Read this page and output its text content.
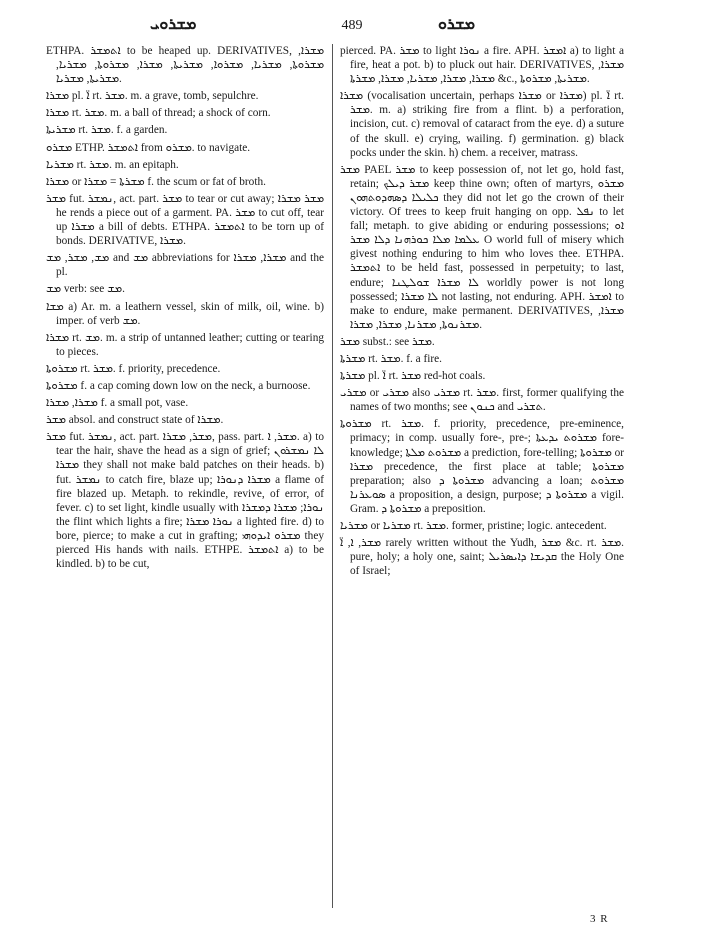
ܡܫܪܘܝ	489	ܡܫܪܘ

ETHPA. ܐܬܡܫܪ to be heaped up. DERIVATIVES, ܡܫܪܐ, ܡܫܪܘܬܐ, ܡܫܪܝܐ, ܡܫܪܘܐ, ܡܫܪܝܬܐ, ܡܫܪܐ, ܡܫܪܘܬܐ, ܡܫܪܝܐ, ܡܫܪܝܬܐ, ܡܫܪܝܐ.

ܡܫܪܐ pl. ܐ̈ rt. ܡܫܪ. m. a grave, tomb, sepulchre.

ܡܫܪܐ rt. ܡܫܪ. m. a ball of thread; a shock of corn.

ܡܫܪܝܬܐ rt. ܡܫܪ. f. a garden.

ܡܫܪܘ ETHP. ܐܬܡܫܪ from ܡܫܪܘ. to navigate.

ܡܫܪܝܐ rt. ܡܫܪ. m. an epitaph.

ܡܫܪܐ or ܡܫܪܬܐ = ܡܫܪܐ f. the scum or fat of broth.

ܡܫܪ fut. ܢܡܫܪ, act. part. ܡܫܪ to tear or cut away; ܡܫܪ ܡܫܪܐ he rends a piece out of a garment. PA. ܡܫܪ to cut off, tear up ܡܫܪܐ a bill of debts. ETHPA. ܐܬܡܫܪ to be torn up of bonds. DERIVATIVE, ܡܫܪܐ.

ܡܫ, ܡܫܪ, ܡܫ and ܡܫ abbreviations for ܡܫܪܐ, ܡܫܪܐ and the pl.

ܡܫ verb: see ܡܫ.

ܡܫܐ a) Ar. m. a leathern vessel, skin of milk, oil, wine. b) imper. of verb ܡܫ.

ܡܫܪܐ rt. ܡܫ. m. a strip of untanned leather; cutting or tearing to pieces.

ܡܫܪܘܬܐ rt. ܡܫܪ. f. priority, precedence.

ܡܫܪܘܬܐ f. a cap coming down low on the neck, a burnoose.

ܡܫܪܐ, ܡܫܪܐ f. a small pot, vase.

ܡܫܪ absol. and construct state of ܡܫܪܐ.

ܡܫܪ fut. ܢܡܫܪ, act. part. ܡܫܪ, ܡܫܪܐ, pass. part. ܡܫܪ, ܐ. a) to tear the hair, shave the head as a sign of grief; ܠܐ ܢܡܫܪܘܢ ܡܫܪܐ they shall not make bald patches on their heads. b) fut. ܢܡܫܪ to catch fire, blaze up; ܡܫܪܐ ܕܢܘܪܐ a flame of fire blazed up. Metaph. to rekindle, revive, of error, of fever. c) to set light, kindle usually with ܢܘܪܐ; ܡܫܪܐ ܕܡܫܪܐ the flint which lights a fire; ܢܘܪܐ ܡܫܪܐ a lighted fire. d) to bore, pierce; to make a cut in grafting; ܡܫܪܘ ܐܝܕܘܗܝ they pierced His hands with nails. ETHPE. ܐܬܡܫܪ a) to be kindled. b) to be cut,

pierced. PA. ܡܫܪ to light ܢܘܪܐ a fire. APH. ܐܡܫܪ a) to light a fire, heat a pot. b) to pluck out hair. DERIVATIVES, ܡܫܪܐ, ܡܫܪܐ, ܡܫܪܐ, ܡܫܪܝܐ, ܡܫܪܐ, ܡܫܪܬܐ &c., ܡܫܪܝܬܐ, ܡܫܪܘܬܐ.

ܡܫܪܐ (vocalisation uncertain, perhaps ܡܫܪܐ or ܡܫܪܐ) pl. ܐ̈ rt. ܡܫܪ. m. a) striking fire from a flint. b) a perforation, incision, cut. c) removal of cataract from the eye. d) a suture of the skull. e) crying, wailing. f) germination. g) black pocks under the skin. h) chem. a receiver, matrass.

ܡܫܪ PAEL ܡܫܪ to keep possession of, not let go, hold fast, retain; ܡܫܪ ܕܝܠܟ keep thine own; often of martyrs, ܡܫܪܘ ܟܠܝܠܐ ܕܣܗܕܘܬܗܘܢ they did not let go the crown of their victory. Of trees to keep fruit hanging on opp. ܢܦܠ to let fall; metaph. to give abiding or enduring possessions; ܐܘ ܥܠܡܐ ܡܠܐ ܟܘܪܗܢܐ ܕܠܐ ܡܫܪ O world full of misery which givest nothing enduring to him who loves thee. ETHPA. ܐܬܡܫܪ to be held fast, possessed in perpetuity; to last, endure; ܠܐ ܡܫܪܐ ܫܘܠܛܢܐ worldly power is not long possessed; ܠܐ ܡܫܪܐ not lasting, not enduring. APH. ܐܡܫܪ to make to endure, make permanent. DERIVATIVES, ܡܫܪܐ, ܡܫܪܢܘܬܐ, ܡܫܪܢܐ, ܡܫܪܐ, ܡܫܪܐ.

ܡܫܪ subst.: see ܡܫܪ.

ܡܫܪܬܐ rt. ܡܫܪ. f. a fire.

ܡܫܪܬܐ pl. ܐ̈ rt. ܡܫܪ red-hot coals.

ܡܫܪܝ or ܡܫܪܝ also ܡܫܪܝ rt. ܡܫܪ. first, former qualifying the names of two months; see ܟܢܘܢ and ܬܫܪܝ.

ܡܫܪܘܬܐ rt. ܡܫܪ. f. priority, precedence, pre-eminence, primacy; in comp. usually fore-, pre-; ܡܫܪܘܬ ܝܕܥܬܐ fore-knowledge; ܡܫܪܘܬ ܡܠܬܐ a prediction, fore-telling; ܡܫܪܘܬܐ or ܡܫܪܐ precedence, the first place at table; ܡܫܪܘܬܐ preparation; also ܡܫܪܘܬܐ ܕ advancing a loan; ܡܫܪܘܬ ܣܘܥܪܢܐ a proposition, a design, purpose; ܡܫܪܘܬܐ ܕ a vigil. Gram. ܡܫܪܘܬܐ ܕ a preposition.

ܡܫܪܝܐ or ܡܫܪܝܐ rt. ܡܫܪ. former, pristine; logic. antecedent.

ܡܫܪ, ܐ, ܐ̈ rarely written without the Yudh, ܡܫܪ &c. rt. ܡܫܪ. pure, holy; a holy one, saint; ܩܕܝܫܐ ܕܐܝܣܪܝܠ the Holy One of Israel;

3 R
